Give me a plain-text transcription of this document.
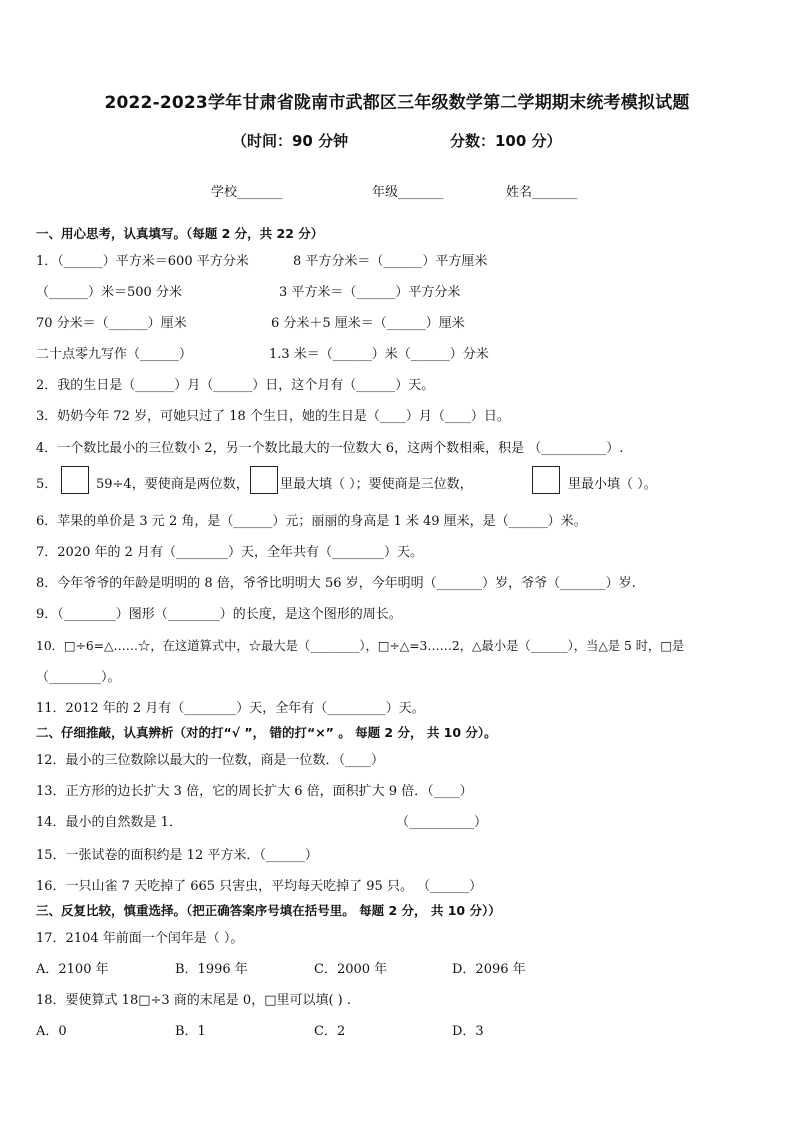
2022-2023学年甘肃省陇南市武都区三年级数学第二学期期末统考模拟试题
（时间：90 分钟	分数：100 分）
学校_______	年级_______	姓名_______
一、用心思考，认真填写。（每题 2 分，共 22 分）
1．（______）平方米＝600 平方分米	8 平方分米＝（______）平方厘米
（______）米＝500 分米	3 平方米＝（______）平方分米
70 分米＝（______）厘米	6 分米＋5 厘米＝（______）厘米
二十点零九写作（______）	1.3 米＝（______）米（______）分米
2．我的生日是（______）月（______）日，这个月有（______）天。
3．奶奶今年 72 岁，可她只过了 18 个生日，她的生日是（____）月（____）日。
4．一个数比最小的三位数小 2，另一个数比最大的一位数大 6，这两个数相乘，积是 （__________）.
5．	59÷4，要使商是两位数， 里最大填（ ）；要使商是三位数，	里最小填（ ）。
6．苹果的单价是 3 元 2 角，是（______）元；丽丽的身高是 1 米 49 厘米，是（______）米。
7．2020 年的 2 月有（________）天，全年共有（________）天。
8．今年爷爷的年龄是明明的 8 倍，爷爷比明明大 56 岁，今年明明（_______）岁，爷爷（_______）岁.
9．（________）图形（________）的长度，是这个图形的周长。
10．□÷6=△……☆，在这道算式中，☆最大是（________），□÷△=3……2，△最小是（______），当△是 5 时，□是
（________）。
11．2012 年的 2 月有（________）天，全年有（_________）天。
二、仔细推敲，认真辨析（对的打“√ ”， 错的打“×” 。 每题 2 分， 共 10 分）。
12．最小的三位数除以最大的一位数，商是一位数．（____）
13．正方形的边长扩大 3 倍，它的周长扩大 6 倍，面积扩大 9 倍．（____）
14．最小的自然数是 1．	（__________）
15．一张试卷的面积约是 12 平方米．（______）
16．一只山雀 7 天吃掉了 665 只害虫，平均每天吃掉了 95 只。 （______）
三、反复比较，慎重选择。（把正确答案序号填在括号里。 每题 2 分， 共 10 分））
17．2104 年前面一个闰年是（ ）。
A．2100 年	B．1996 年	C．2000 年	D．2096 年
18．要使算式 18□÷3 商的末尾是 0，□里可以填( ) .
A．0	B．1	C．2	D．3
